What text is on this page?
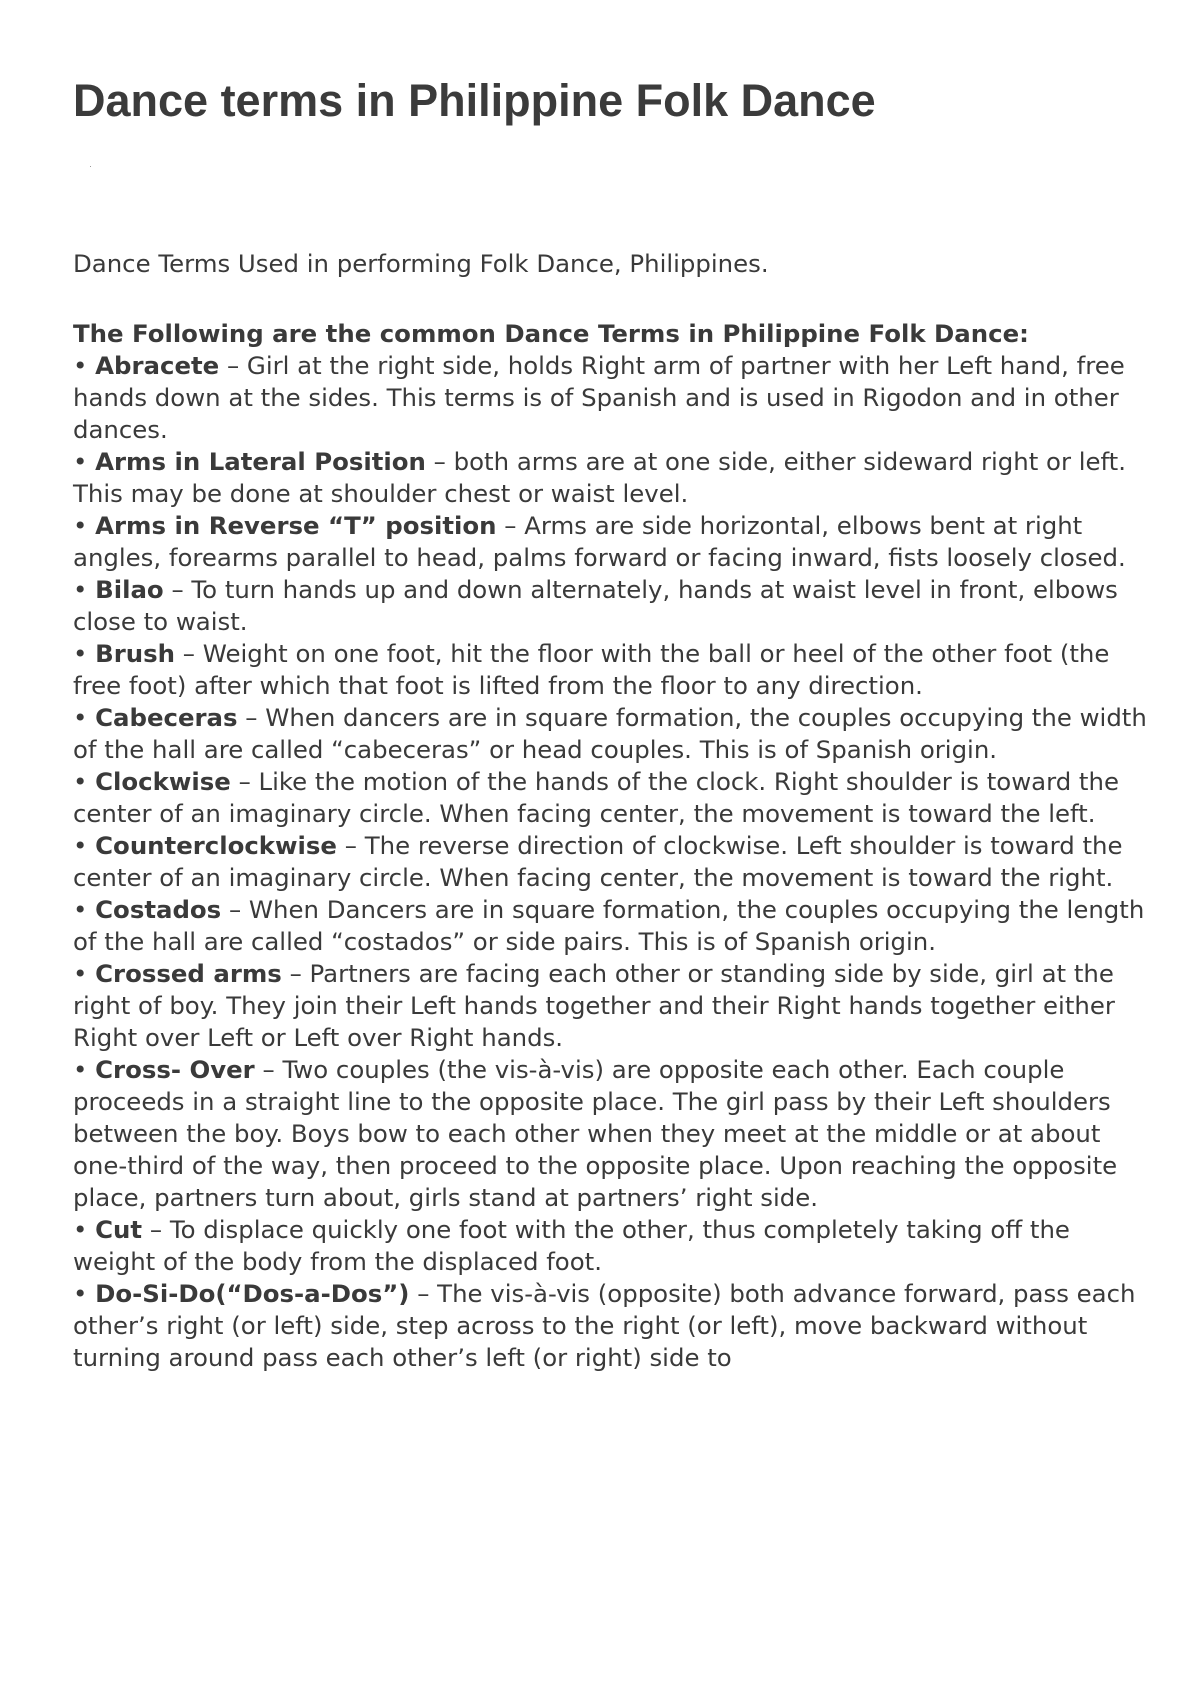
Dance terms in Philippine Folk Dance

Dance Terms Used in performing Folk Dance, Philippines.

The Following are the common Dance Terms in Philippine Folk Dance:

• Abracete – Girl at the right side, holds Right arm of partner with her Left hand, free hands down at the sides. This terms is of Spanish and is used in Rigodon and in other dances.

• Arms in Lateral Position – both arms are at one side, either sideward right or left. This may be done at shoulder chest or waist level.

• Arms in Reverse “T” position – Arms are side horizontal, elbows bent at right angles, forearms parallel to head, palms forward or facing inward, fists loosely closed.

• Bilao – To turn hands up and down alternately, hands at waist level in front, elbows close to waist.

• Brush – Weight on one foot, hit the floor with the ball or heel of the other foot (the free foot) after which that foot is lifted from the floor to any direction.

• Cabeceras – When dancers are in square formation, the couples occupying the width of the hall are called “cabeceras” or head couples. This is of Spanish origin.

• Clockwise – Like the motion of the hands of the clock. Right shoulder is toward the center of an imaginary circle. When facing center, the movement is toward the left.

• Counterclockwise – The reverse direction of clockwise. Left shoulder is toward the center of an imaginary circle. When facing center, the movement is toward the right.

• Costados – When Dancers are in square formation, the couples occupying the length of the hall are called “costados” or side pairs. This is of Spanish origin.

• Crossed arms – Partners are facing each other or standing side by side, girl at the right of boy. They join their Left hands together and their Right hands together either Right over Left or Left over Right hands.

• Cross- Over – Two couples (the vis-à-vis) are opposite each other. Each couple proceeds in a straight line to the opposite place. The girl pass by their Left shoulders between the boy. Boys bow to each other when they meet at the middle or at about one-third of the way, then proceed to the opposite place. Upon reaching the opposite place, partners turn about, girls stand at partners’ right side.

• Cut – To displace quickly one foot with the other, thus completely taking off the weight of the body from the displaced foot.

• Do-Si-Do(“Dos-a-Dos”) – The vis-à-vis (opposite) both advance forward, pass each other’s right (or left) side, step across to the right (or left), move backward without turning around pass each other’s left (or right) side to
